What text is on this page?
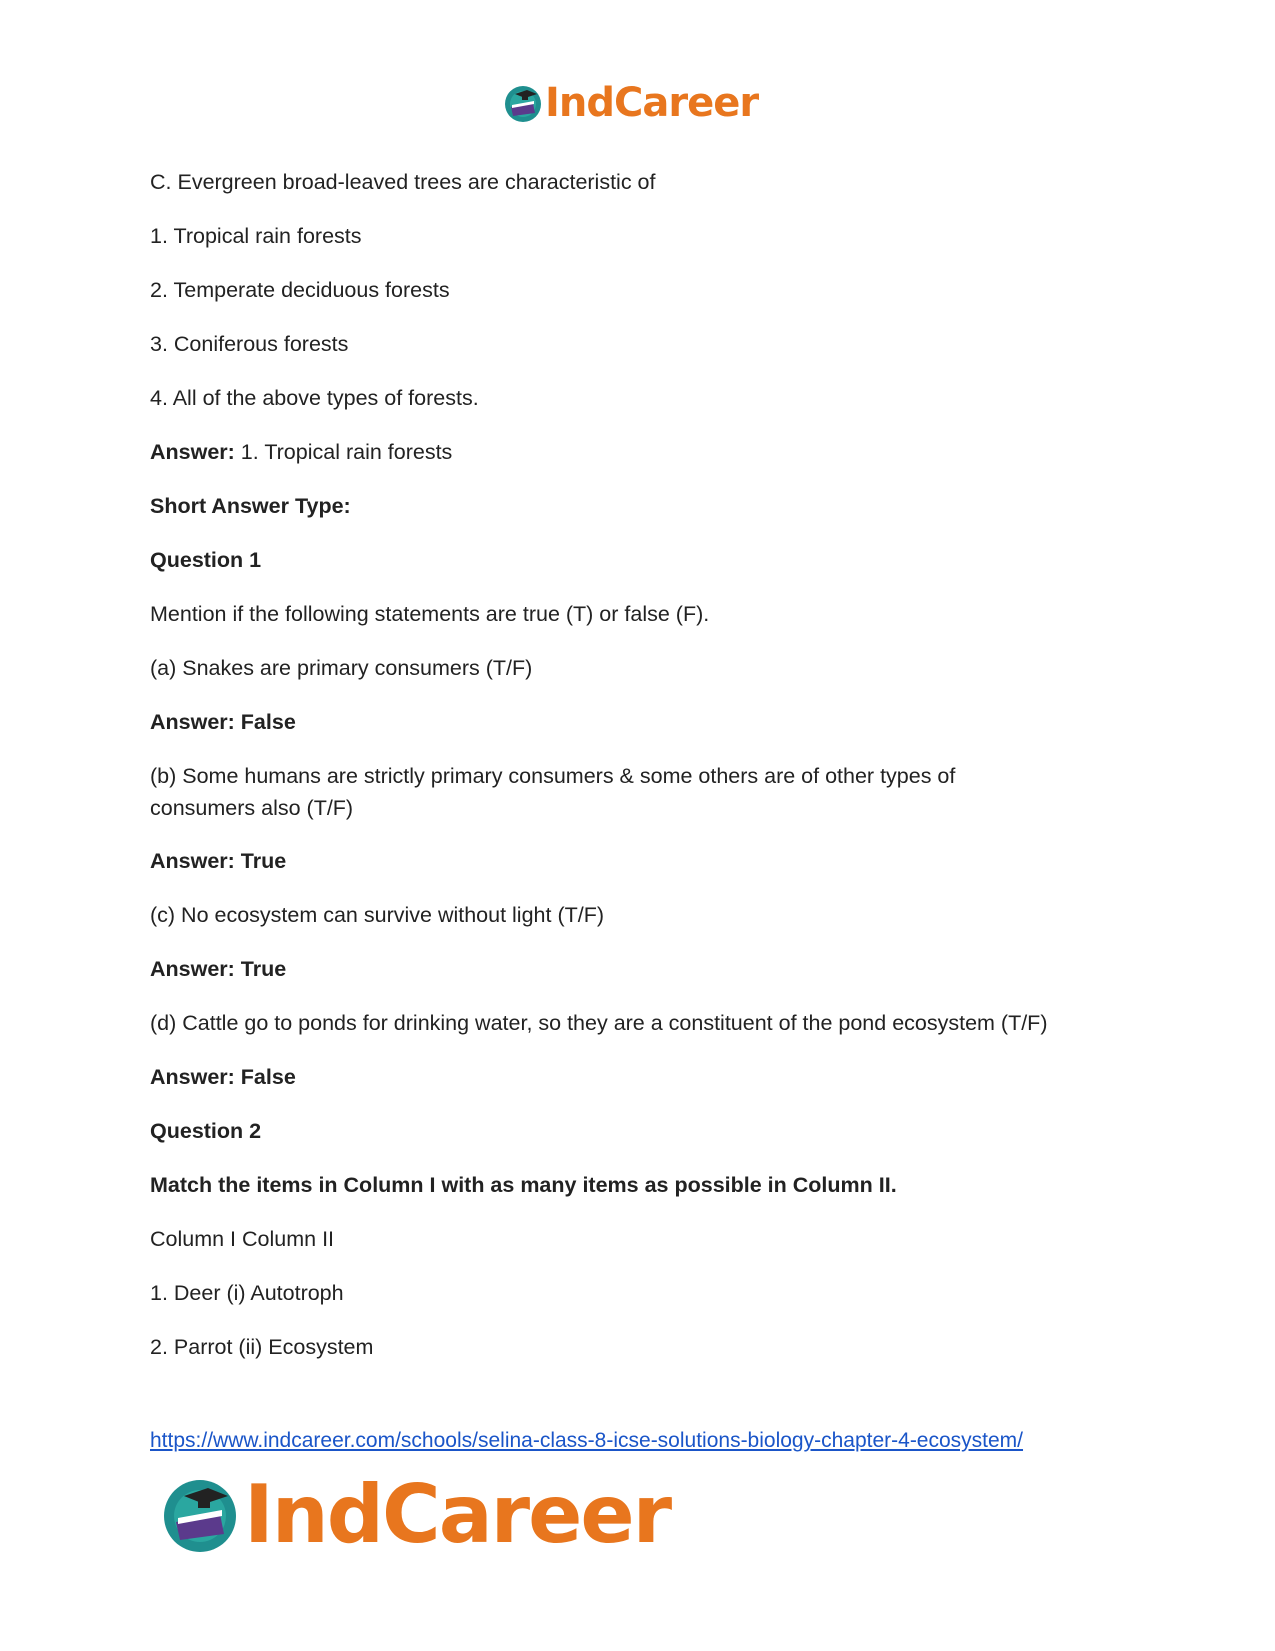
IndCareer
C. Evergreen broad-leaved trees are characteristic of
1. Tropical rain forests
2. Temperate deciduous forests
3. Coniferous forests
4. All of the above types of forests.
Answer: 1. Tropical rain forests
Short Answer Type:
Question 1
Mention if the following statements are true (T) or false (F).
(a) Snakes are primary consumers (T/F)
Answer: False
(b) Some humans are strictly primary consumers & some others are of other types of consumers also (T/F)
Answer: True
(c) No ecosystem can survive without light (T/F)
Answer: True
(d) Cattle go to ponds for drinking water, so they are a constituent of the pond ecosystem (T/F)
Answer: False
Question 2
Match the items in Column I with as many items as possible in Column II.
Column I Column II
1. Deer (i) Autotroph
2. Parrot (ii) Ecosystem
https://www.indcareer.com/schools/selina-class-8-icse-solutions-biology-chapter-4-ecosystem/
IndCareer
